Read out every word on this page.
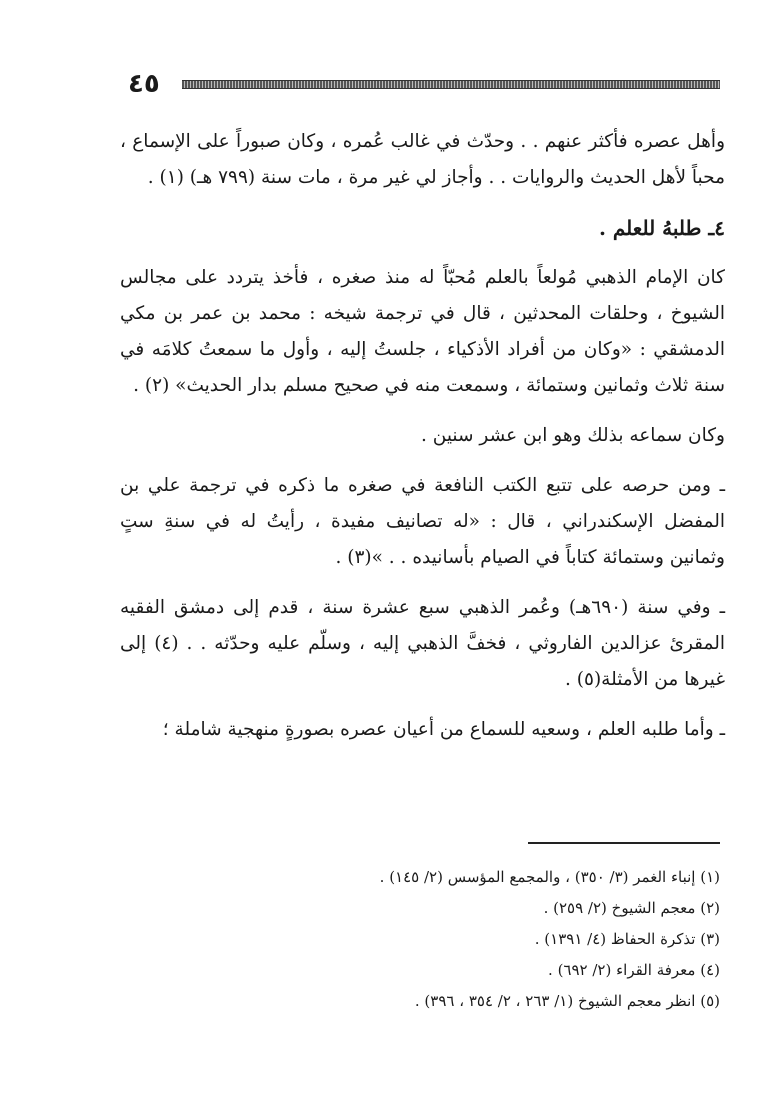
٤٥

وأهل عصره فأكثر عنهم . . وحدّث في غالب عُمره ، وكان صبوراً على الإسماع ، محباً لأهل الحديث والروايات . . وأجاز لي غير مرة ، مات سنة (٧٩٩ هـ) (١) .

٤ـ طلبهُ للعلم .

كان الإمام الذهبي مُولعاً بالعلم مُحبّاً له منذ صغره ، فأخذ يتردد على مجالس الشيوخ ، وحلقات المحدثين ، قال في ترجمة شيخه : محمد بن عمر بن مكي الدمشقي : «وكان من أفراد الأذكياء ، جلستُ إليه ، وأول ما سمعتُ كلامَه في سنة ثلاث وثمانين وستمائة ، وسمعت منه في صحيح مسلم بدار الحديث» (٢) .

وكان سماعه بذلك وهو ابن عشر سنين .

ـ ومن حرصه على تتبع الكتب النافعة في صغره ما ذكره في ترجمة علي بن المفضل الإسكندراني ، قال : «له تصانيف مفيدة ، رأيتُ له في سنةِ ستٍ وثمانين وستمائة كتاباً في الصيام بأسانيده . . »(٣) .

ـ وفي سنة (٦٩٠هـ) وعُمر الذهبي سبع عشرة سنة ، قدم إلى دمشق الفقيه المقرئ عزالدين الفاروثي ، فخفَّ الذهبي إليه ، وسلّم عليه وحدّثه . . (٤) إلى غيرها من الأمثلة(٥) .

ـ وأما طلبه العلم ، وسعيه للسماع من أعيان عصره بصورةٍ منهجية شاملة ؛

(١) إنباء الغمر (٣/ ٣٥٠) ، والمجمع المؤسس (٢/ ١٤٥) .
(٢) معجم الشيوخ (٢/ ٢٥٩) .
(٣) تذكرة الحفاظ (٤/ ١٣٩١) .
(٤) معرفة القراء (٢/ ٦٩٢) .
(٥) انظر معجم الشيوخ (١/ ٢٦٣ ، ٢/ ٣٥٤ ، ٣٩٦) .
